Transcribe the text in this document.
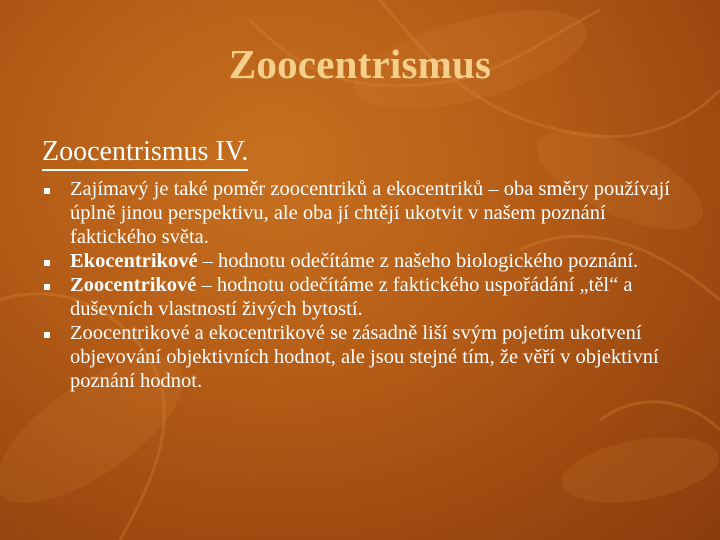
Zoocentrismus
Zoocentrismus IV.
Zajímavý je také poměr zoocentriků a ekocentriků – oba směry používají úplně jinou perspektivu, ale oba jí chtějí ukotvit v našem poznání faktického světa.
Ekocentrikové – hodnotu odečítáme z našeho biologického poznání.
Zoocentrikové – hodnotu odečítáme z faktického uspořádání „těl“ a duševních vlastností živých bytostí.
Zoocentrikové a ekocentrikové se zásadně liší svým pojetím ukotvení objevování objektivních hodnot, ale jsou stejné tím, že věří v objektivní poznání hodnot.
